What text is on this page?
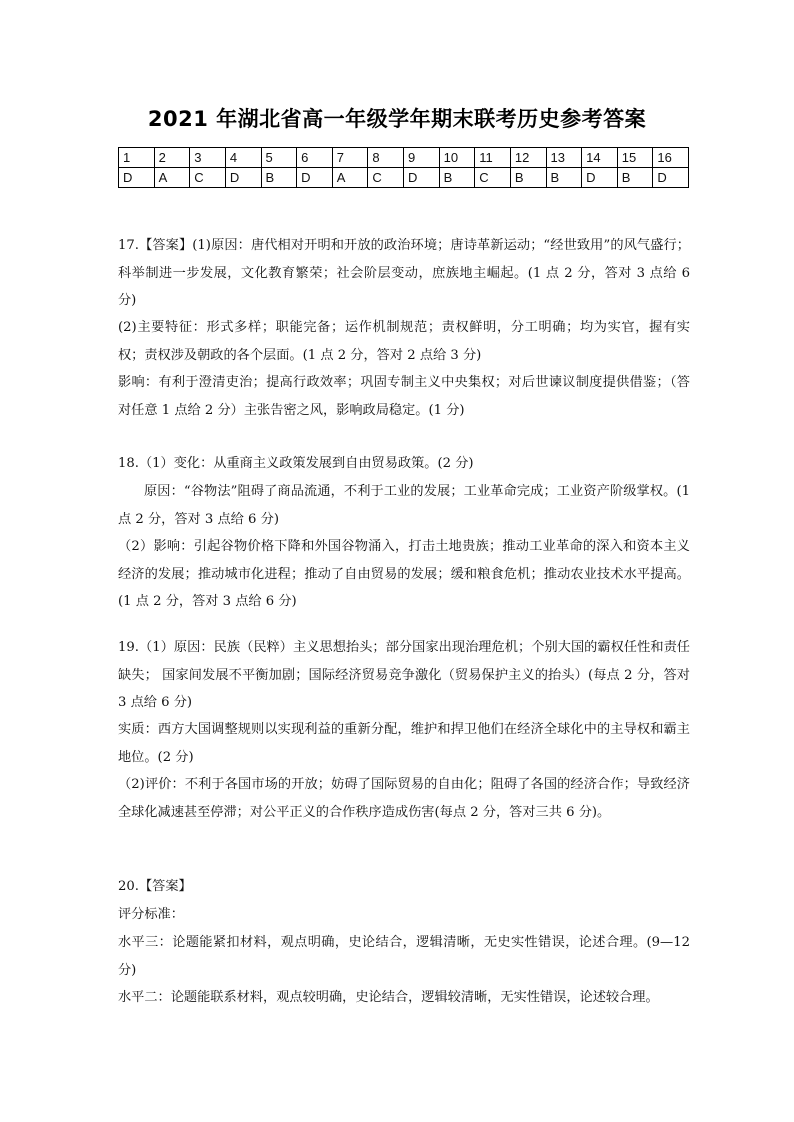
2021 年湖北省高一年级学年期末联考历史参考答案
1	2	3	4	5	6	7	8	9	10	11	12	13	14	15	16
D	A	C	D	B	D	A	C	D	B	C	B	B	D	B	D

17.【答案】(1)原因：唐代相对开明和开放的政治环境；唐诗革新运动；“经世致用”的风气盛行；科举制进一步发展，文化教育繁荣；社会阶层变动，庶族地主崛起。(1 点 2 分，答对 3 点给 6 分)

(2)主要特征：形式多样；职能完备；运作机制规范；责权鲜明，分工明确；均为实官，握有实权；责权涉及朝政的各个层面。(1 点 2 分，答对 2 点给 3 分)

影响：有利于澄清吏治；提高行政效率；巩固专制主义中央集权；对后世谏议制度提供借鉴；（答对任意 1 点给 2 分）主张告密之风，影响政局稳定。(1 分)

18.（1）变化：从重商主义政策发展到自由贸易政策。(2 分)

原因：“谷物法”阻碍了商品流通，不利于工业的发展；工业革命完成；工业资产阶级掌权。(1 点 2 分，答对 3 点给 6 分)

（2）影响：引起谷物价格下降和外国谷物涌入，打击土地贵族；推动工业革命的深入和资本主义经济的发展；推动城市化进程；推动了自由贸易的发展；缓和粮食危机；推动农业技术水平提高。(1 点 2 分，答对 3 点给 6 分)

19.（1）原因：民族（民粹）主义思想抬头；部分国家出现治理危机；个别大国的霸权任性和责任缺失； 国家间发展不平衡加剧；国际经济贸易竞争激化（贸易保护主义的抬头）(每点 2 分，答对 3 点给 6 分)

实质：西方大国调整规则以实现利益的重新分配，维护和捍卫他们在经济全球化中的主导权和霸主地位。(2 分)

（2)评价：不利于各国市场的开放；妨碍了国际贸易的自由化；阻碍了各国的经济合作；导致经济全球化减速甚至停滞；对公平正义的合作秩序造成伤害(每点 2 分，答对三共 6 分)。

20.【答案】

评分标准：

水平三：论题能紧扣材料，观点明确，史论结合，逻辑清晰，无史实性错误，论述合理。(9—12 分)

水平二：论题能联系材料，观点较明确，史论结合，逻辑较清晰，无实性错误，论述较合理。
